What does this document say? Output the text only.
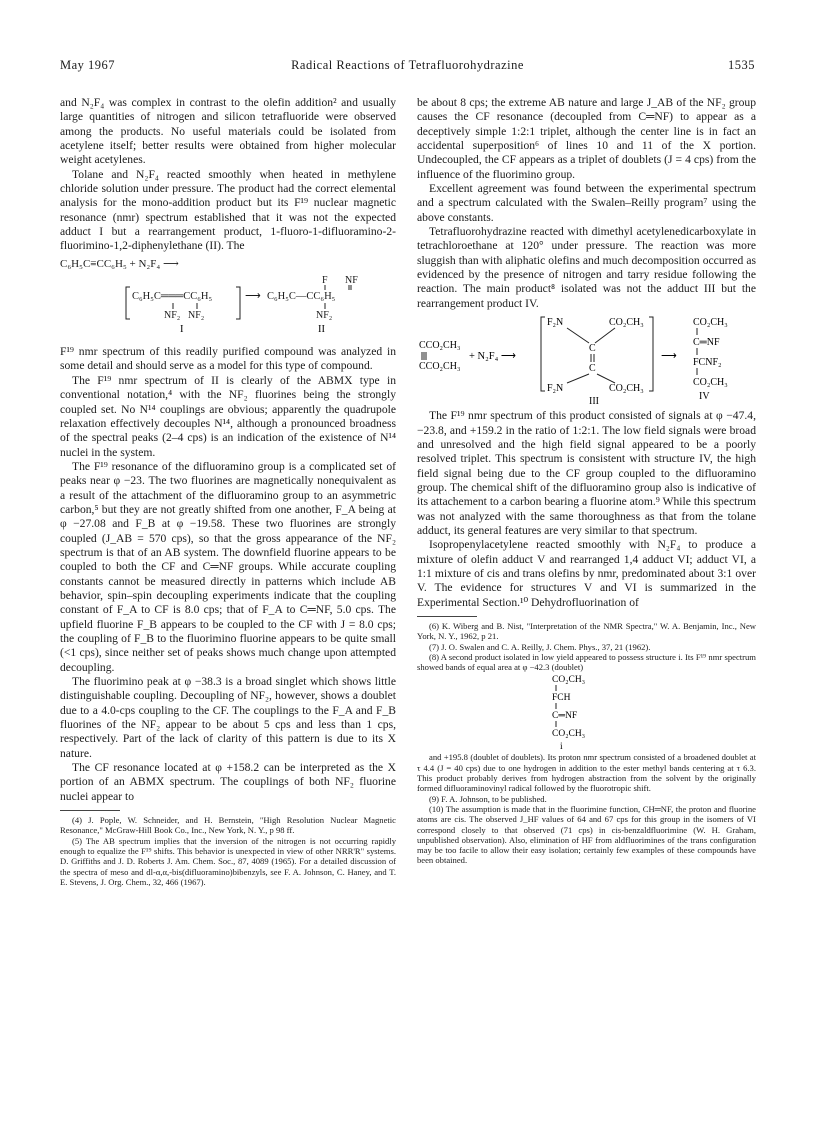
May 1967	Radical Reactions of Tetrafluorohydrazine	1535

and N₂F₄ was complex in contrast to the olefin addition² and usually large quantities of nitrogen and silicon tetrafluoride were observed among the products. No useful materials could be isolated from acetylene itself; better results were obtained from higher molecular weight acetylenes.

Tolane and N₂F₄ reacted smoothly when heated in methylene chloride solution under pressure. The product had the correct elemental analysis for the mono-addition product but its F¹⁹ nuclear magnetic resonance (nmr) spectrum established that it was not the expected adduct I but a rearrangement product, 1-fluoro-1-difluoramino-2-fluorimino-1,2-diphenylethane (II). The

C₆H₅C≡CC₆H₅ + N₂F₄ ⟶
C₆H₅C═══CC₆H₅
NF₂ NF₂
I
⟶
F NF
C₆H₅C—CC₆H₅
NF₂
II

F¹⁹ nmr spectrum of this readily purified compound was analyzed in some detail and should serve as a model for this type of compound.

The F¹⁹ nmr spectrum of II is clearly of the ABMX type in conventional notation,⁴ with the NF₂ fluorines being the strongly coupled set. No N¹⁴ couplings are obvious; apparently the quadrupole relaxation effectively decouples N¹⁴, although a pronounced broadness of the spectral peaks (2–4 cps) is an indication of the existence of N¹⁴ nuclei in the system.

The F¹⁹ resonance of the difluoramino group is a complicated set of peaks near φ −23. The two fluorines are magnetically nonequivalent as a result of the attachment of the difluoramino group to an asymmetric carbon,⁵ but they are not greatly shifted from one another, F_A being at φ −27.08 and F_B at φ −19.58. These two fluorines are strongly coupled (J_AB = 570 cps), so that the gross appearance of the NF₂ spectrum is that of an AB system. The downfield fluorine appears to be coupled to both the CF and C═NF groups. While accurate coupling constants cannot be measured directly in patterns which include AB behavior, spin–spin decoupling experiments indicate that the coupling constant of F_A to CF is 8.0 cps; that of F_A to C═NF, 5.0 cps. The upfield fluorine F_B appears to be coupled to the CF with J = 8.0 cps; the coupling of F_B to the fluorimino fluorine appears to be quite small (<1 cps), since neither set of peaks shows much change upon attempted decoupling.

The fluorimino peak at φ −38.3 is a broad singlet which shows little distinguishable coupling. Decoupling of NF₂, however, shows a doublet due to a 4.0-cps coupling to the CF. The couplings to the F_A and F_B fluorines of the NF₂ appear to be about 5 cps and less than 1 cps, respectively. Part of the lack of clarity of this pattern is due to its X nature.

The CF resonance located at φ +158.2 can be interpreted as the X portion of an ABMX spectrum. The couplings of both NF₂ fluorine nuclei appear to

(4) J. Pople, W. Schneider, and H. Bernstein, "High Resolution Nuclear Magnetic Resonance," McGraw-Hill Book Co., Inc., New York, N. Y., p 98 ff.

(5) The AB spectrum implies that the inversion of the nitrogen is not occurring rapidly enough to equalize the F¹⁹ shifts. This behavior is unexpected in view of other NRR'R" systems. D. Griffiths and J. D. Roberts J. Am. Chem. Soc., 87, 4089 (1965). For a detailed discussion of the spectra of meso and dl-α,α,-bis(difluoramino)bibenzyls, see F. A. Johnson, C. Haney, and T. E. Stevens, J. Org. Chem., 32, 466 (1967).

be about 8 cps; the extreme AB nature and large J_AB of the NF₂ group causes the CF resonance (decoupled from C═NF) to appear as a deceptively simple 1:2:1 triplet, although the center line is in fact an accidental superposition⁶ of lines 10 and 11 of the X portion. Undecoupled, the CF appears as a triplet of doublets (J = 4 cps) from the influence of the fluorimino group.

Excellent agreement was found between the experimental spectrum and a spectrum calculated with the Swalen–Reilly program⁷ using the above constants.

Tetrafluorohydrazine reacted with dimethyl acetylenedicarboxylate in tetrachloroethane at 120° under pressure. The reaction was more sluggish than with aliphatic olefins and much decomposition occurred as evidenced by the presence of nitrogen and tarry residue following the reaction. The main product⁸ isolated was not the adduct III but the rearrangement product IV.

CCO₂CH₃
CCO₂CH₃
+ N₂F₄ ⟶
F₂N	CO₂CH₃
C
C
F₂N	CO₂CH₃
III
⟶
CO₂CH₃
C═NF
FCNF₂
CO₂CH₃
IV

The F¹⁹ nmr spectrum of this product consisted of signals at φ −47.4, −23.8, and +159.2 in the ratio of 1:2:1. The low field signals were broad and unresolved and the high field signal appeared to be a poorly resolved triplet. This spectrum is consistent with structure IV, the high field signal being due to the CF group coupled to the difluoramino group. The chemical shift of the difluoramino group also is indicative of its attachement to a carbon bearing a fluorine atom.⁹ While this spectrum was not analyzed with the same thoroughness as that from the tolane adduct, its general features are very similar to that spectrum.

Isopropenylacetylene reacted smoothly with N₂F₄ to produce a mixture of olefin adduct V and rearranged 1,4 adduct VI; adduct VI, a 1:1 mixture of cis and trans olefins by nmr, predominated about 3:1 over V. The evidence for structures V and VI is summarized in the Experimental Section.¹⁰ Dehydrofluorination of

(6) K. Wiberg and B. Nist, "Interpretation of the NMR Spectra," W. A. Benjamin, Inc., New York, N. Y., 1962, p 21.

(7) J. O. Swalen and C. A. Reilly, J. Chem. Phys., 37, 21 (1962).

(8) A second product isolated in low yield appeared to possess structure i. Its F¹⁹ nmr spectrum showed bands of equal area at φ −42.3 (doublet)

CO₂CH₃
FCH
C═NF
CO₂CH₃
i

and +195.8 (doublet of doublets). Its proton nmr spectrum consisted of a broadened doublet at τ 4.4 (J = 40 cps) due to one hydrogen in addition to the ester methyl bands centering at τ 6.3. This product probably derives from hydrogen abstraction from the solvent by the originally formed difluoraminovinyl radical followed by the fluorotropic shift.

(9) F. A. Johnson, to be published.

(10) The assumption is made that in the fluorimine function, CH═NF, the proton and fluorine atoms are cis. The observed J_HF values of 64 and 67 cps for this group in the isomers of VI correspond closely to that observed (71 cps) in cis-benzaldfluorimine (W. H. Graham, unpublished observation). Also, elimination of HF from aldfluorimines of the trans configuration may be too facile to allow their easy isolation; certainly few examples of these compounds have been obtained.
